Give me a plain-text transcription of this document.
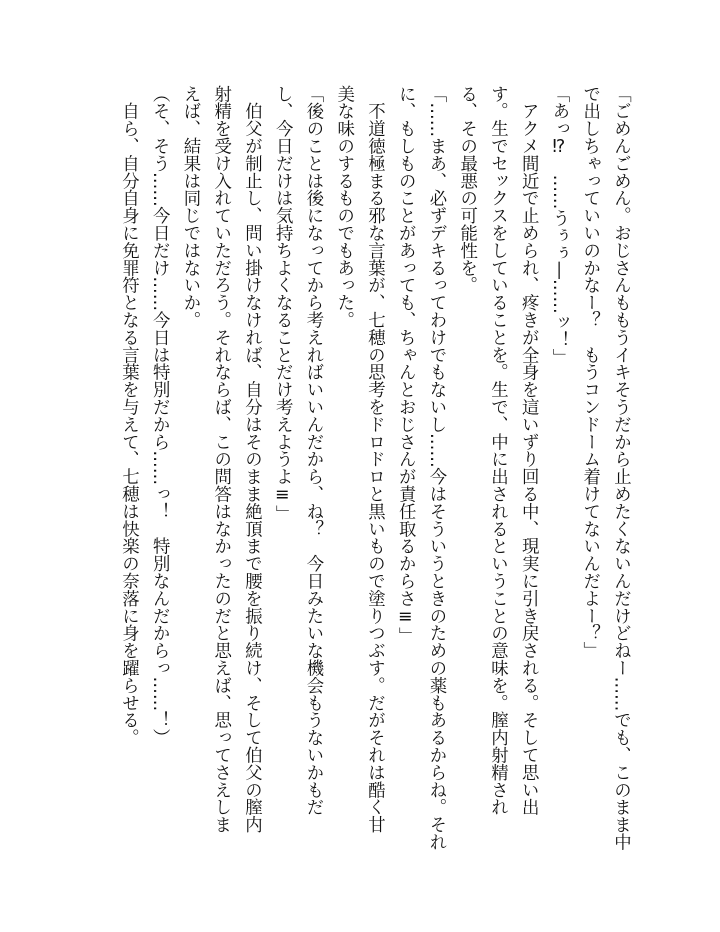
「ごめんごめん。おじさんももうイキそうだから止めたくないんだけどねー……でも、このまま中
で出しちゃっていいのかなー？　もうコンドーム着けてないんだよー？」
「あっ⁉　……うぅぅ―……ッ！」
　アクメ間近で止められ、疼きが全身を這いずり回る中、現実に引き戻される。そして思い出
す。生でセックスをしていることを。生で、中に出されるということの意味を。膣内射精され
る、その最悪の可能性を。
「……まあ、必ずデキるってわけでもないし……今はそういうときのための薬もあるからね。それ
に、もしものことがあっても、ちゃんとおじさんが責任取るからさ≡」
　不道徳極まる邪な言葉が、七穂の思考をドロドロと黒いもので塗りつぶす。だがそれは酷く甘
美な味のするものでもあった。
「後のことは後になってから考えればいいんだから、ね？　今日みたいな機会もうないかもだ
し、今日だけは気持ちよくなることだけ考えようよ≡」
　伯父が制止し、問い掛けなければ、自分はそのまま絶頂まで腰を振り続け、そして伯父の膣内
射精を受け入れていただろう。それならば、この問答はなかったのだと思えば、思ってさえしま
えば、結果は同じではないか。
（そ、そう……今日だけ……今日は特別だから……っ！　特別なんだからっ……！）
　自ら、自分自身に免罪符となる言葉を与えて、七穂は快楽の奈落に身を躍らせる。
